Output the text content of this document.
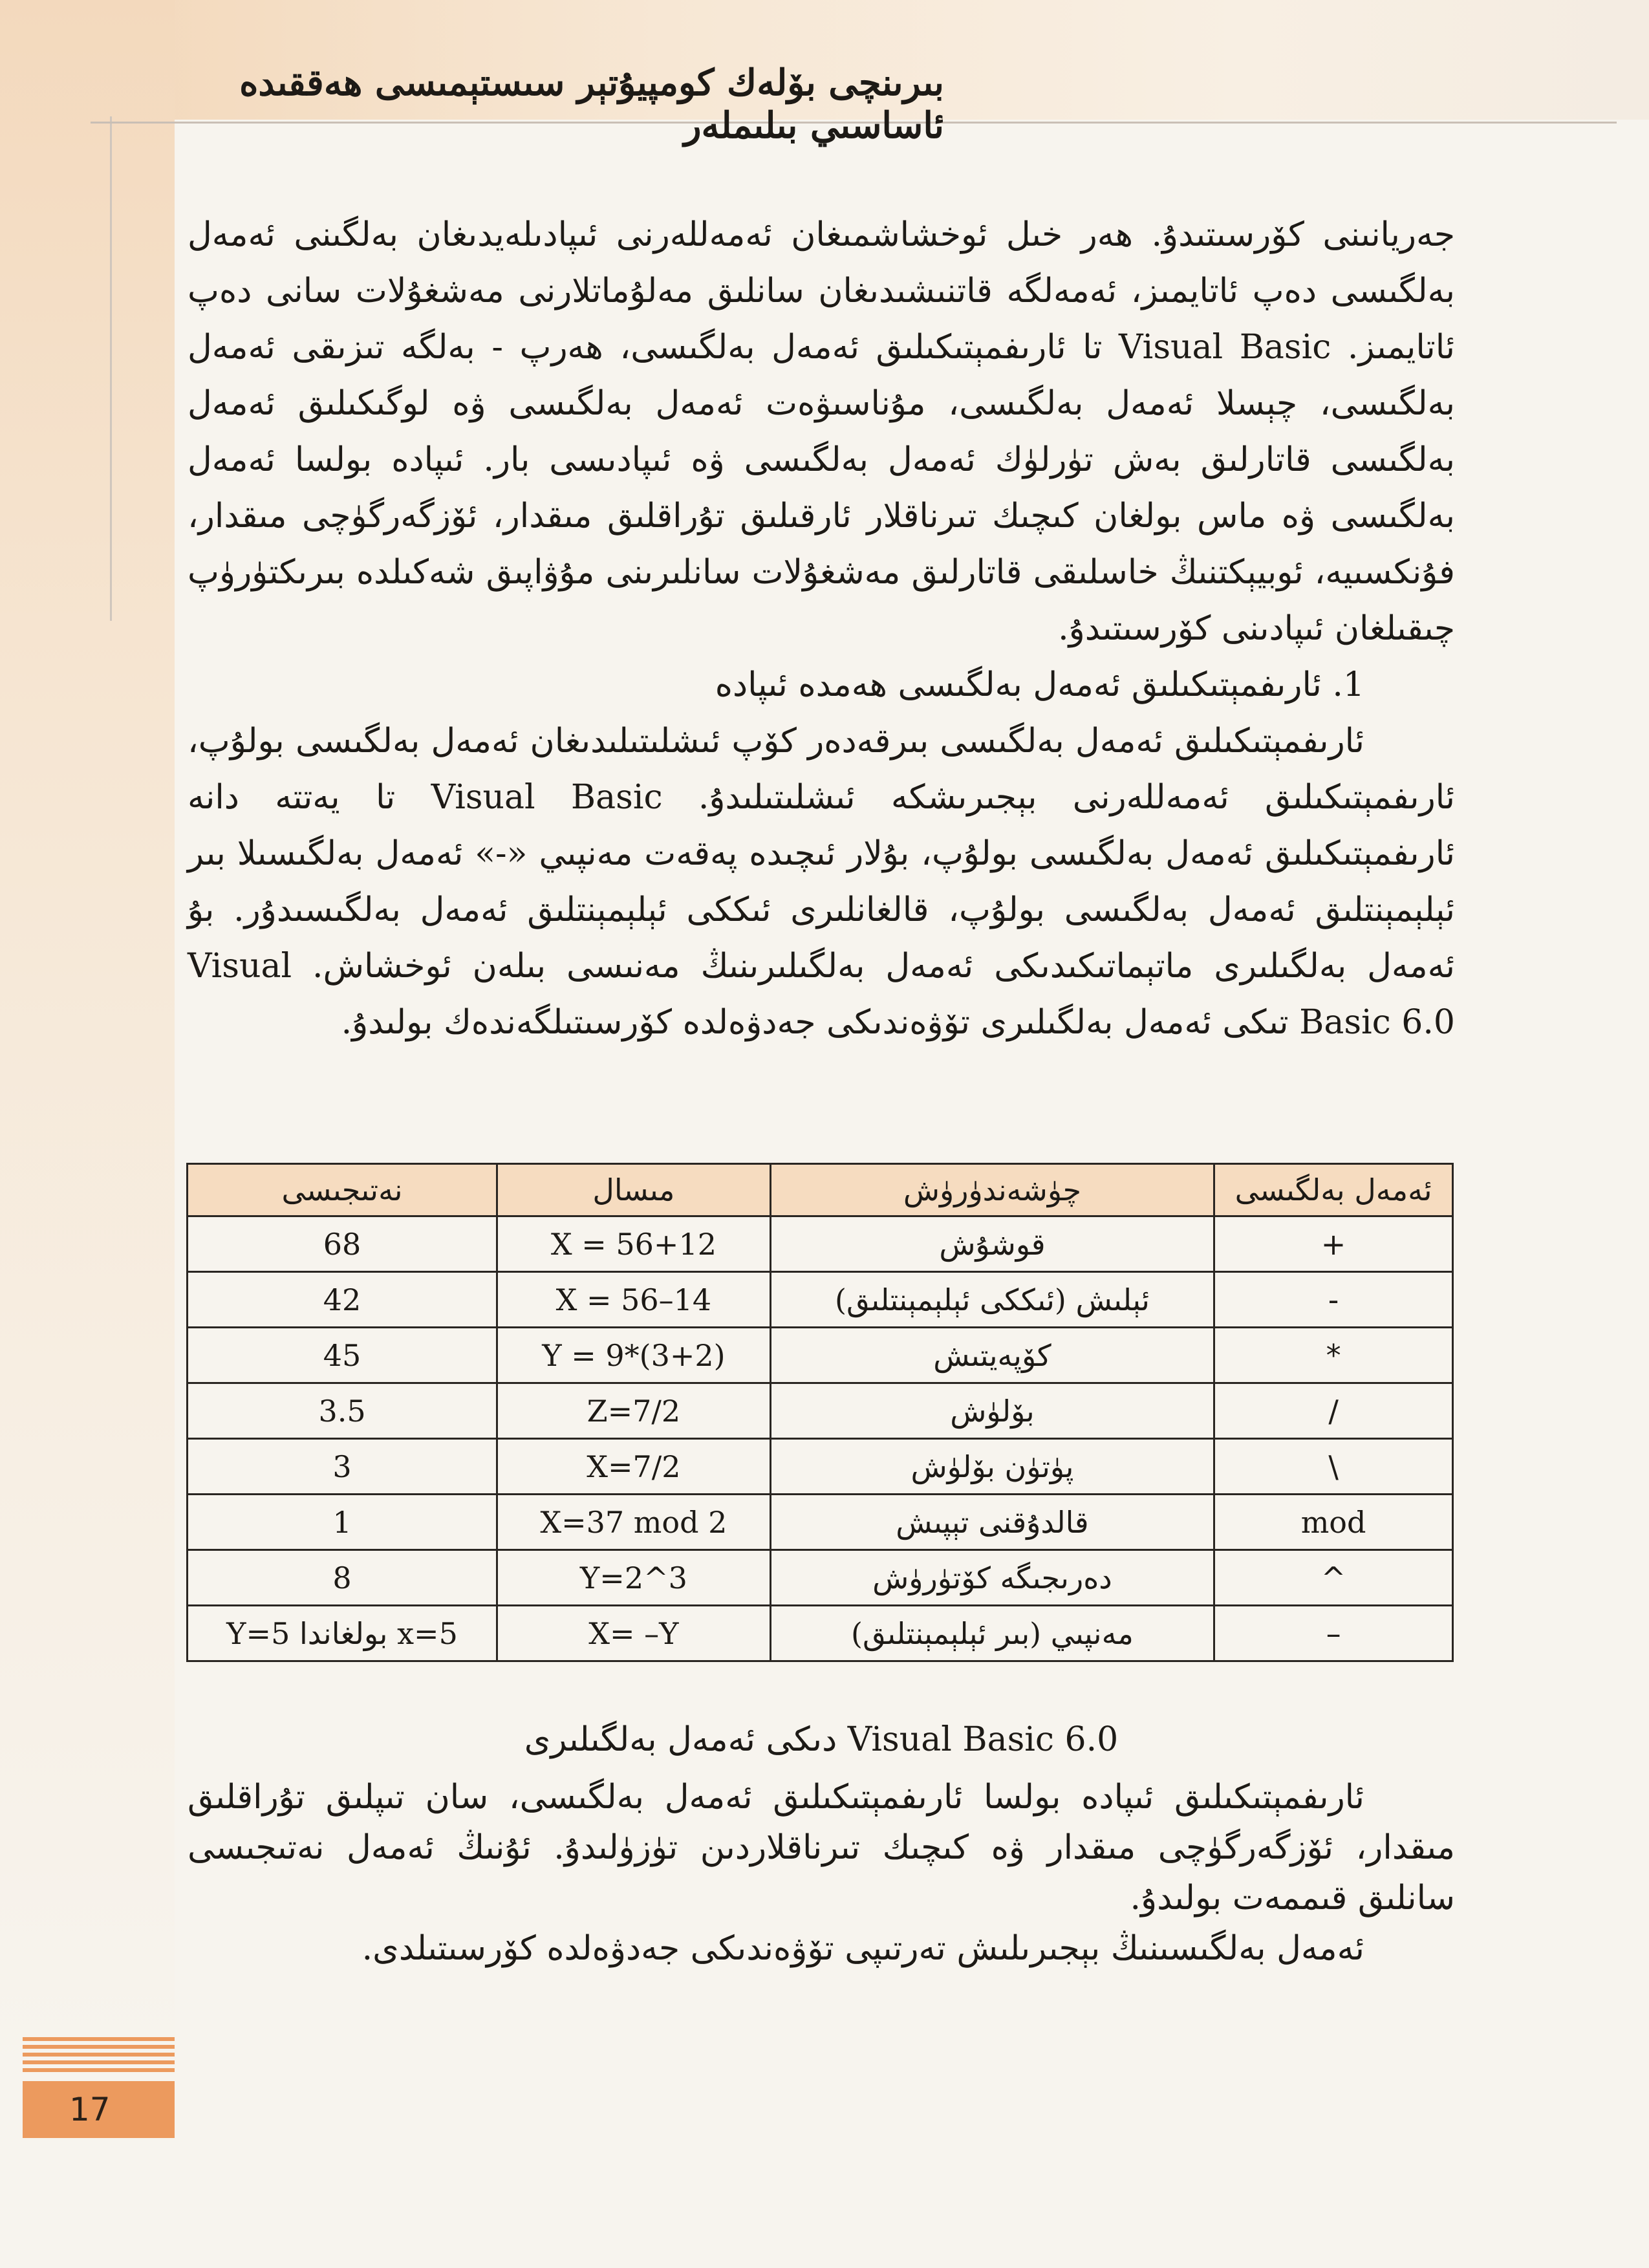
بىرىنچى بۆلەك كومپيۇتېر سىستېمىسى ھەققىدە ئاساسىي بىلىملەر

جەريانىنى كۆرسىتىدۇ. ھەر خىل ئوخشاشمىغان ئەمەللەرنى ئىپادىلەيدىغان بەلگىنى ئەمەل بەلگىسى دەپ ئاتايمىز، ئەمەلگە قاتنىشىدىغان سانلىق مەلۇماتلارنى مەشغۇلات سانى دەپ ئاتايمىز. Visual Basic تا ئارىفمېتىكىلىق ئەمەل بەلگىسى، ھەرپ - بەلگە تىزىقى ئەمەل بەلگىسى، چېسلا ئەمەل بەلگىسى، مۇناسىۋەت ئەمەل بەلگىسى ۋە لوگىكىلىق ئەمەل بەلگىسى قاتارلىق بەش تۈرلۈك ئەمەل بەلگىسى ۋە ئىپادىسى بار. ئىپادە بولسا ئەمەل بەلگىسى ۋە ماس بولغان كىچىك تىرناقلار ئارقىلىق تۇراقلىق مىقدار، ئۆزگەرگۈچى مىقدار، فۇنكسىيە، ئوبيېكتنىڭ خاسلىقى قاتارلىق مەشغۇلات سانلىرىنى مۇۋاپىق شەكىلدە بىرىكتۈرۈپ چىقىلغان ئىپادىنى كۆرسىتىدۇ.

1. ئارىفمېتىكىلىق ئەمەل بەلگىسى ھەمدە ئىپادە

ئارىفمېتىكىلىق ئەمەل بەلگىسى بىرقەدەر كۆپ ئىشلىتىلىدىغان ئەمەل بەلگىسى بولۇپ، ئارىفمېتىكىلىق ئەمەللەرنى بېجىرىشكە ئىشلىتىلىدۇ. Visual Basic تا يەتتە دانە ئارىفمېتىكىلىق ئەمەل بەلگىسى بولۇپ، بۇلار ئىچىدە پەقەت مەنپىي «-» ئەمەل بەلگىسىلا بىر ئېلېمېنتلىق ئەمەل بەلگىسى بولۇپ، قالغانلىرى ئىككى ئېلېمېنتلىق ئەمەل بەلگىسىدۇر. بۇ ئەمەل بەلگىلىرى ماتېماتىكىدىكى ئەمەل بەلگىلىرىنىڭ مەنىسى بىلەن ئوخشاش. Visual Basic 6.0 تىكى ئەمەل بەلگىلىرى تۆۋەندىكى جەدۋەلدە كۆرسىتىلگەندەك بولىدۇ.

ئەمەل بەلگىسى	چۈشەندۈرۈش	مىسال	نەتىجىسى
+	قوشۇش	X = 56+12	68
-	ئېلىش (ئىككى ئېلېمېنتلىق)	X = 56–14	42
*	كۆپەيتىش	Y = 9*(3+2)	45
/	بۆلۈش	Z=7/2	3.5
\	پۈتۈن بۆلۈش	X=7/2	3
mod	قالدۇقنى تېپىش	X=37 mod 2	1
^	دەرىجىگە كۆتۈرۈش	Y=2^3	8
–	مەنپىي (بىر ئېلېمېنتلىق)	X= –Y	x=5 بولغاندا Y=5
Visual Basic 6.0 دىكى ئەمەل بەلگىلىرى

ئارىفمېتىكىلىق ئىپادە بولسا ئارىفمېتىكىلىق ئەمەل بەلگىسى، سان تىپلىق تۇراقلىق مىقدار، ئۆزگەرگۈچى مىقدار ۋە كىچىك تىرناقلاردىن تۈزۈلىدۇ. ئۇنىڭ ئەمەل نەتىجىسى سانلىق قىممەت بولىدۇ.

ئەمەل بەلگىسىنىڭ بېجىرىلىش تەرتىپى تۆۋەندىكى جەدۋەلدە كۆرسىتىلدى.

17
